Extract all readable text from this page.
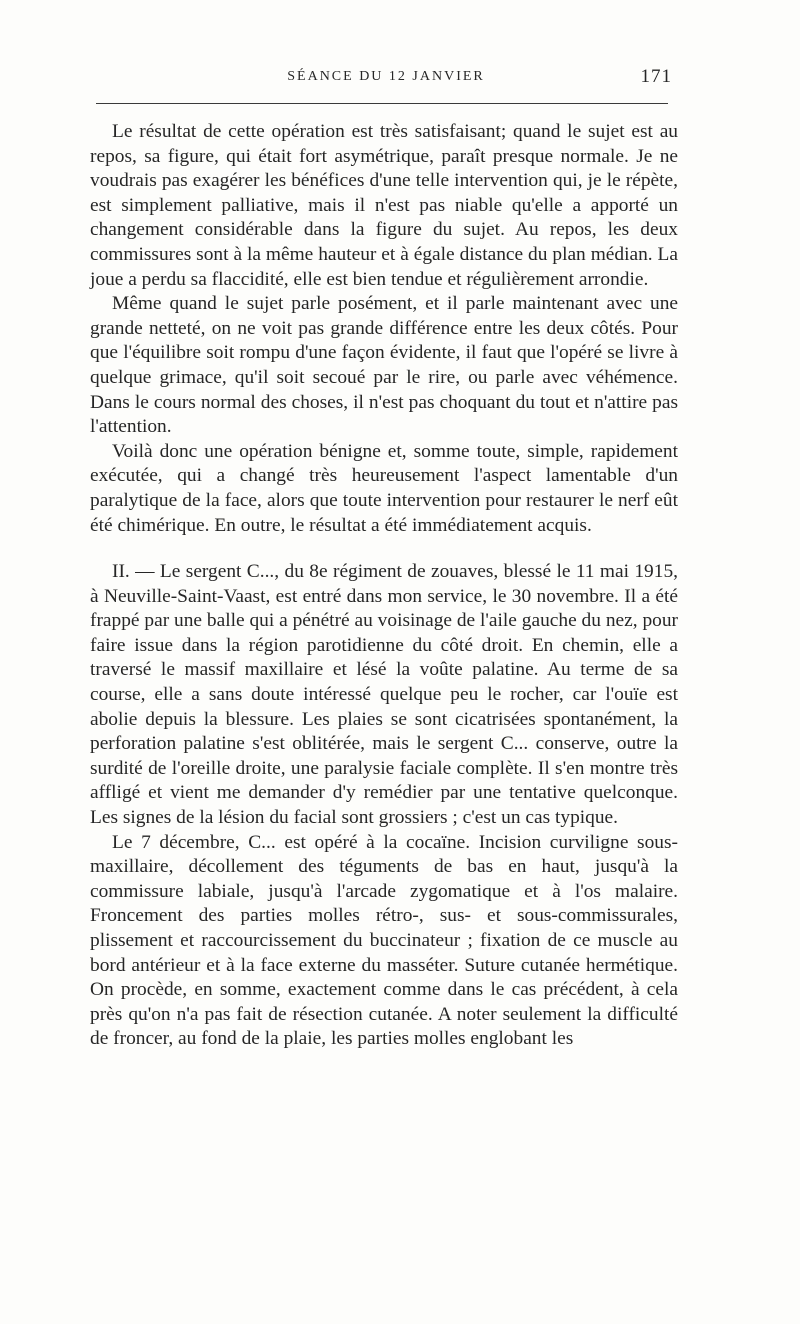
SÉANCE DU 12 JANVIER	171

Le résultat de cette opération est très satisfaisant; quand le sujet est au repos, sa figure, qui était fort asymétrique, paraît presque normale. Je ne voudrais pas exagérer les bénéfices d'une telle intervention qui, je le répète, est simplement palliative, mais il n'est pas niable qu'elle a apporté un changement considérable dans la figure du sujet. Au repos, les deux commissures sont à la même hauteur et à égale distance du plan médian. La joue a perdu sa flaccidité, elle est bien tendue et régulièrement arrondie.

Même quand le sujet parle posément, et il parle maintenant avec une grande netteté, on ne voit pas grande différence entre les deux côtés. Pour que l'équilibre soit rompu d'une façon évidente, il faut que l'opéré se livre à quelque grimace, qu'il soit secoué par le rire, ou parle avec véhémence. Dans le cours normal des choses, il n'est pas choquant du tout et n'attire pas l'attention.

Voilà donc une opération bénigne et, somme toute, simple, rapidement exécutée, qui a changé très heureusement l'aspect lamentable d'un paralytique de la face, alors que toute intervention pour restaurer le nerf eût été chimérique. En outre, le résultat a été immédiatement acquis.

II. — Le sergent C..., du 8e régiment de zouaves, blessé le 11 mai 1915, à Neuville-Saint-Vaast, est entré dans mon service, le 30 novembre. Il a été frappé par une balle qui a pénétré au voisinage de l'aile gauche du nez, pour faire issue dans la région parotidienne du côté droit. En chemin, elle a traversé le massif maxillaire et lésé la voûte palatine. Au terme de sa course, elle a sans doute intéressé quelque peu le rocher, car l'ouïe est abolie depuis la blessure. Les plaies se sont cicatrisées spontanément, la perforation palatine s'est oblitérée, mais le sergent C... conserve, outre la surdité de l'oreille droite, une paralysie faciale complète. Il s'en montre très affligé et vient me demander d'y remédier par une tentative quelconque. Les signes de la lésion du facial sont grossiers ; c'est un cas typique.

Le 7 décembre, C... est opéré à la cocaïne. Incision curviligne sous-maxillaire, décollement des téguments de bas en haut, jusqu'à la commissure labiale, jusqu'à l'arcade zygomatique et à l'os malaire. Froncement des parties molles rétro-, sus- et sous-commissurales, plissement et raccourcissement du buccinateur ; fixation de ce muscle au bord antérieur et à la face externe du masséter. Suture cutanée hermétique. On procède, en somme, exactement comme dans le cas précédent, à cela près qu'on n'a pas fait de résection cutanée. A noter seulement la difficulté de froncer, au fond de la plaie, les parties molles englobant les
